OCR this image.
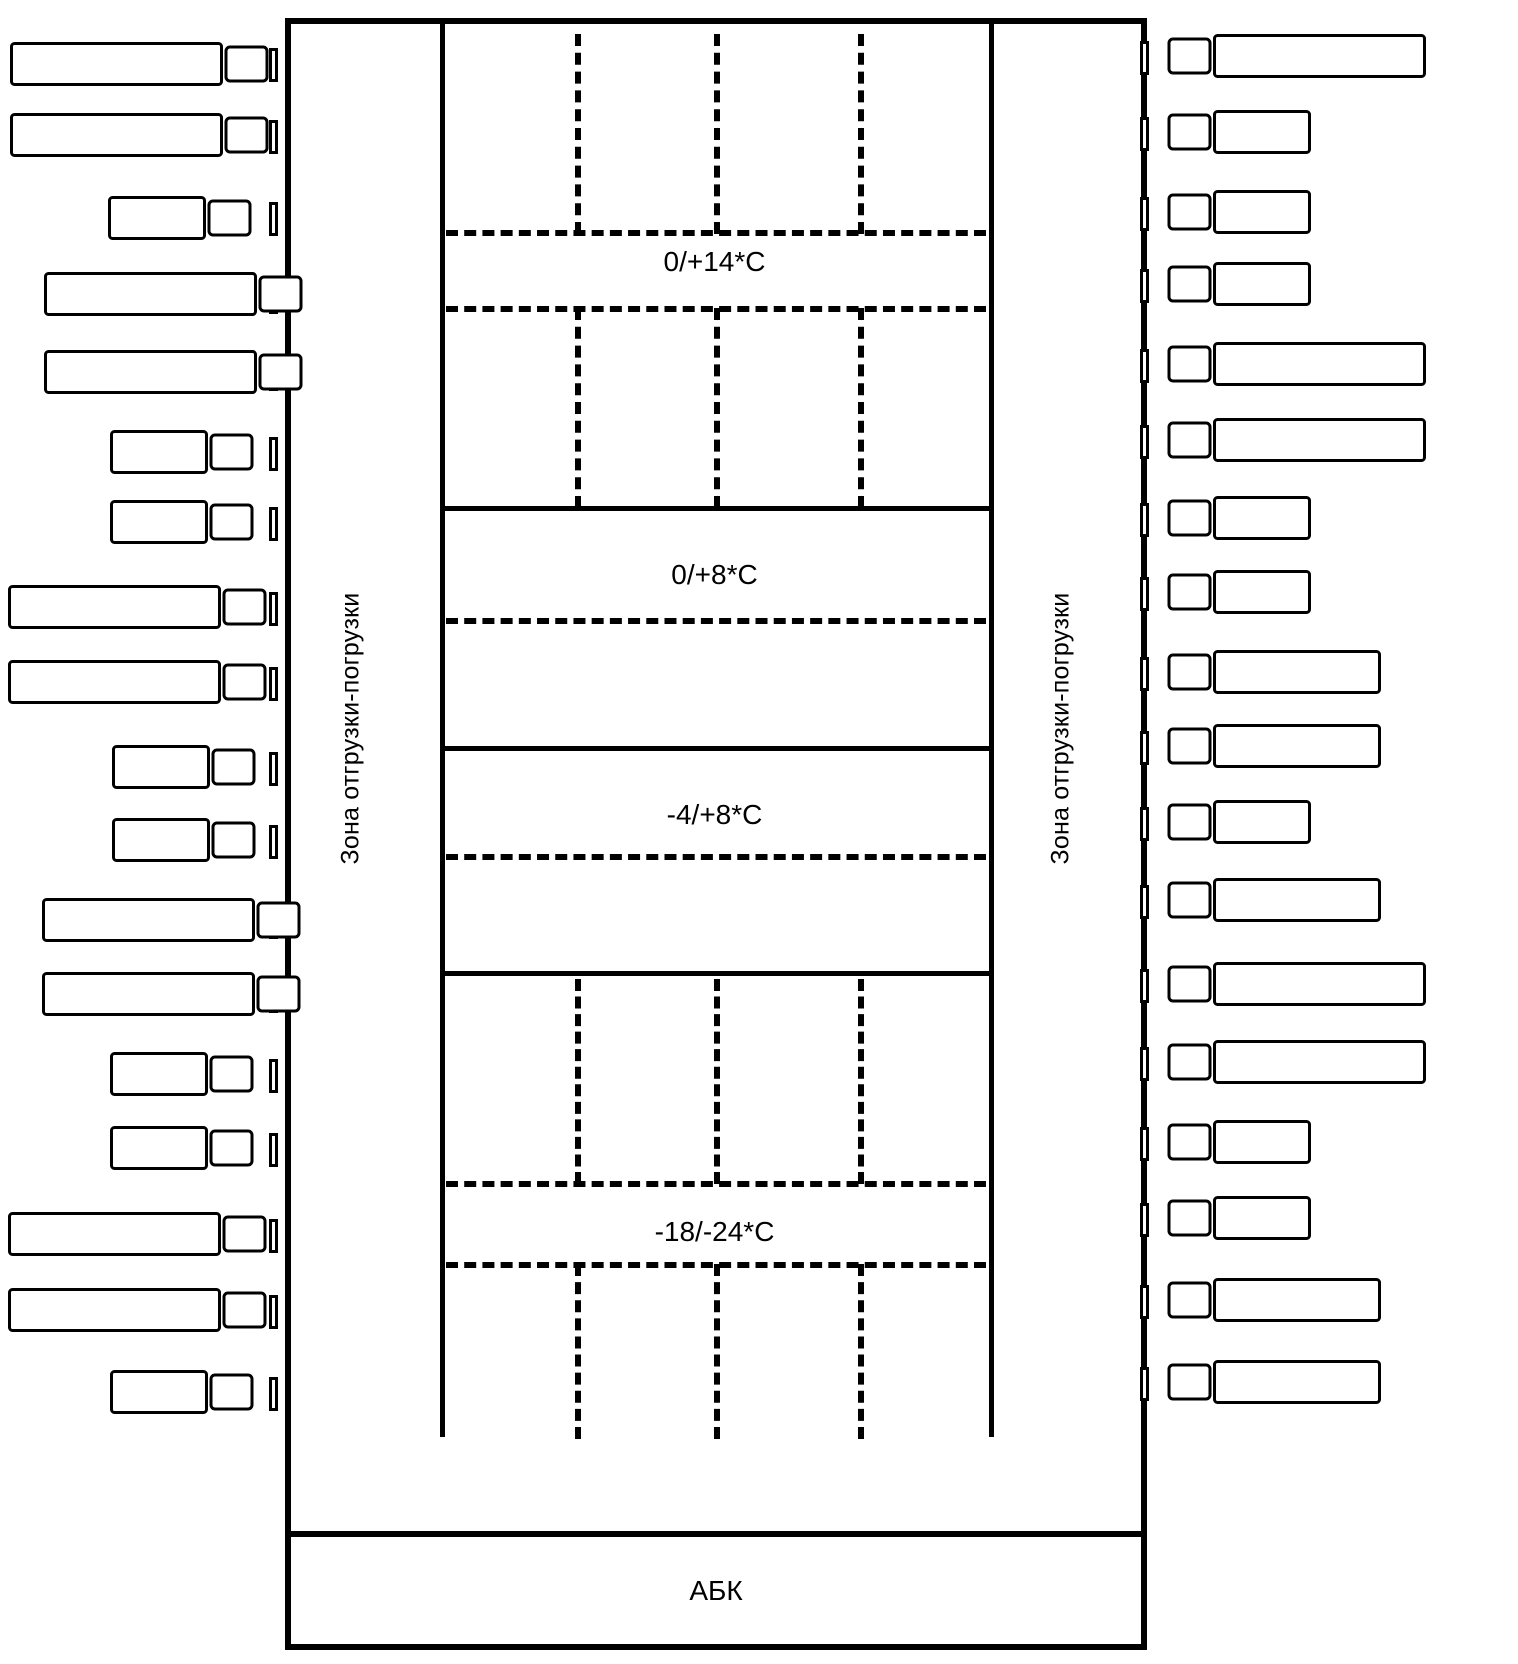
Зона отгрузки-погрузки	Зона отгрузки-погрузки
0/+14*C
0/+8*C
-4/+8*C
-18/-24*C
АБК
